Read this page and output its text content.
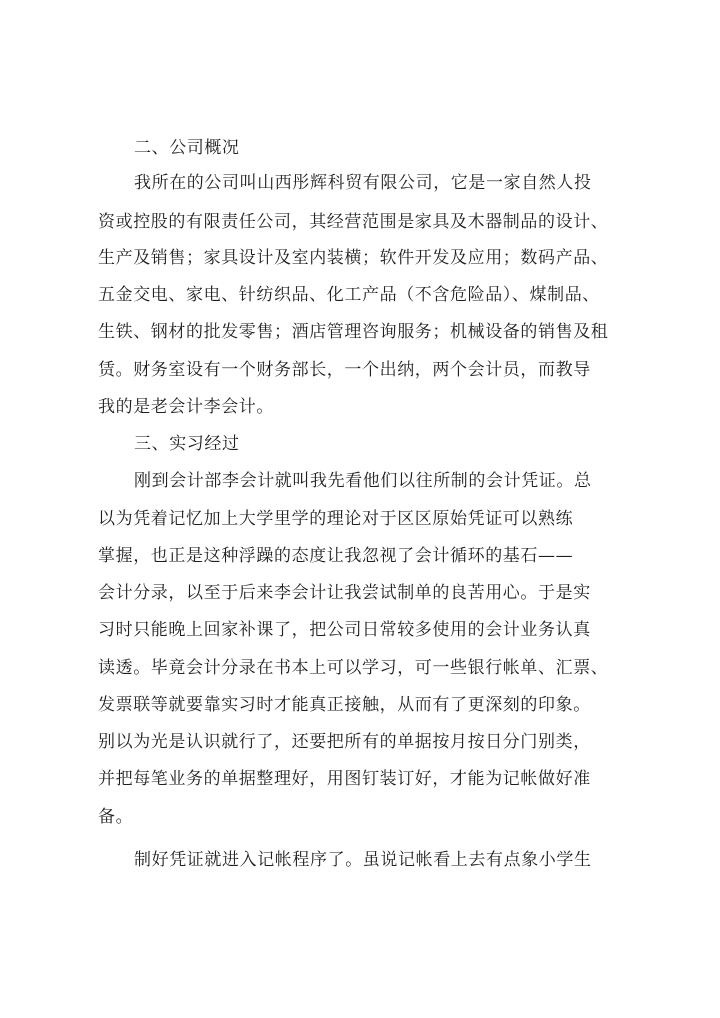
二、公司概况

我所在的公司叫山西彤辉科贸有限公司，它是一家自然人投

资或控股的有限责任公司，其经营范围是家具及木器制品的设计、

生产及销售；家具设计及室内装横；软件开发及应用；数码产品、

五金交电、家电、针纺织品、化工产品（不含危险品）、煤制品、

生铁、钢材的批发零售；酒店管理咨询服务；机械设备的销售及租

赁。财务室设有一个财务部长，一个出纳，两个会计员，而教导

我的是老会计李会计。

三、实习经过

刚到会计部李会计就叫我先看他们以往所制的会计凭证。总

以为凭着记忆加上大学里学的理论对于区区原始凭证可以熟练

掌握，也正是这种浮躁的态度让我忽视了会计循环的基石——

会计分录，以至于后来李会计让我尝试制单的良苦用心。于是实

习时只能晚上回家补课了，把公司日常较多使用的会计业务认真

读透。毕竟会计分录在书本上可以学习，可一些银行帐单、汇票、

发票联等就要靠实习时才能真正接触，从而有了更深刻的印象。

别以为光是认识就行了，还要把所有的单据按月按日分门别类，

并把每笔业务的单据整理好，用图钉装订好，才能为记帐做好准

备。

制好凭证就进入记帐程序了。虽说记帐看上去有点象小学生
